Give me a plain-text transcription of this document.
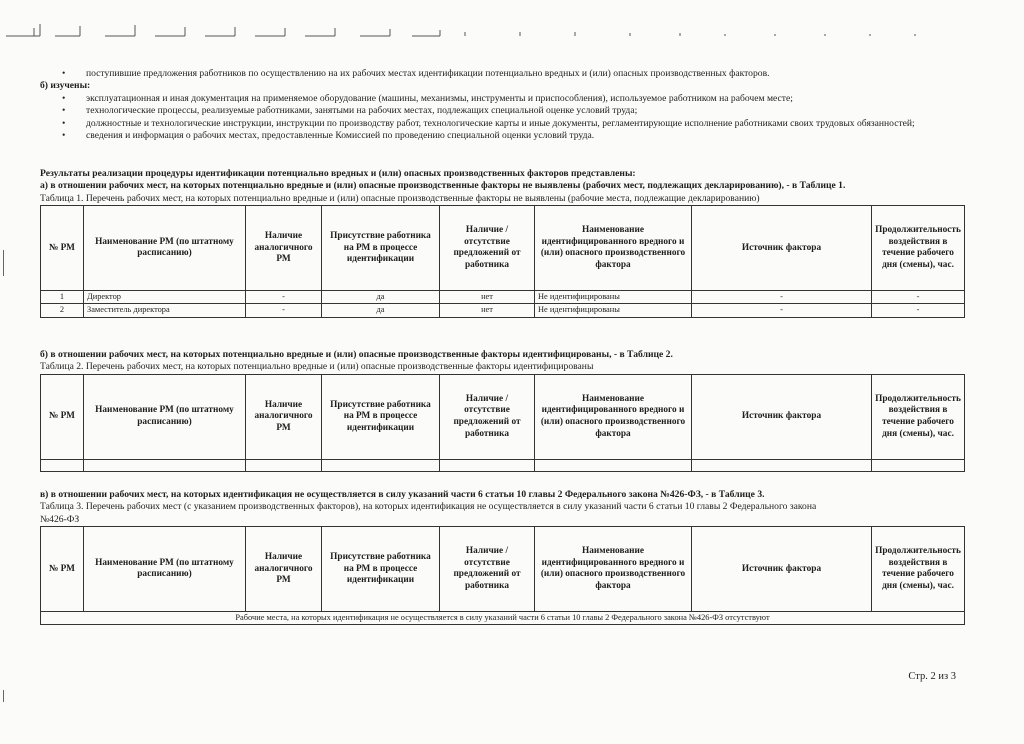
• поступившие предложения работников по осуществлению на их рабочих местах идентификации потенциально вредных и (или) опасных производственных факторов.
б) изучены:
• эксплуатационная и иная документация на применяемое оборудование (машины, механизмы, инструменты и приспособления), используемое работником на рабочем месте;
• технологические процессы, реализуемые работниками, занятыми на рабочих местах, подлежащих специальной оценке условий труда;
• должностные и технологические инструкции, инструкции по производству работ, технологические карты и иные документы, регламентирующие исполнение работниками своих трудовых обязанностей;
• сведения и информация о рабочих местах, предоставленные Комиссией по проведению специальной оценки условий труда.
Результаты реализации процедуры идентификации потенциально вредных и (или) опасных производственных факторов представлены:
а) в отношении рабочих мест, на которых потенциально вредные и (или) опасные производственные факторы не выявлены (рабочих мест, подлежащих декларированию), - в Таблице 1.
Таблица 1. Перечень рабочих мест, на которых потенциально вредные и (или) опасные производственные факторы не выявлены (рабочие места, подлежащие декларированию)
№ РМ	Наименование РМ (по штатному расписанию)	Наличие аналогичного РМ	Присутствие работника на РМ в процессе идентификации	Наличие / отсутствие предложений от работника	Наименование идентифицированного вредного и (или) опасного производственного фактора	Источник фактора	Продолжительность воздействия в течение рабочего дня (смены), час.
1	Директор	-	да	нет	Не идентифицированы	-	-
2	Заместитель директора	-	да	нет	Не идентифицированы	-	-
б) в отношении рабочих мест, на которых потенциально вредные и (или) опасные производственные факторы идентифицированы, - в Таблице 2.
Таблица 2. Перечень рабочих мест, на которых потенциально вредные и (или) опасные производственные факторы идентифицированы
№ РМ	Наименование РМ (по штатному расписанию)	Наличие аналогичного РМ	Присутствие работника на РМ в процессе идентификации	Наличие / отсутствие предложений от работника	Наименование идентифицированного вредного и (или) опасного производственного фактора	Источник фактора	Продолжительность воздействия в течение рабочего дня (смены), час.

в) в отношении рабочих мест, на которых идентификация не осуществляется в силу указаний части 6 статьи 10 главы 2 Федерального закона №426-ФЗ, - в Таблице 3.
Таблица 3. Перечень рабочих мест (с указанием производственных факторов), на которых идентификация не осуществляется в силу указаний части 6 статьи 10 главы 2 Федерального закона
№426-ФЗ
№ РМ	Наименование РМ (по штатному расписанию)	Наличие аналогичного РМ	Присутствие работника на РМ в процессе идентификации	Наличие / отсутствие предложений от работника	Наименование идентифицированного вредного и (или) опасного производственного фактора	Источник фактора	Продолжительность воздействия в течение рабочего дня (смены), час.
Рабочие места, на которых идентификация не осуществляется в силу указаний части 6 статьи 10 главы 2 Федерального закона №426-ФЗ отсутствуют
Стр. 2 из 3
